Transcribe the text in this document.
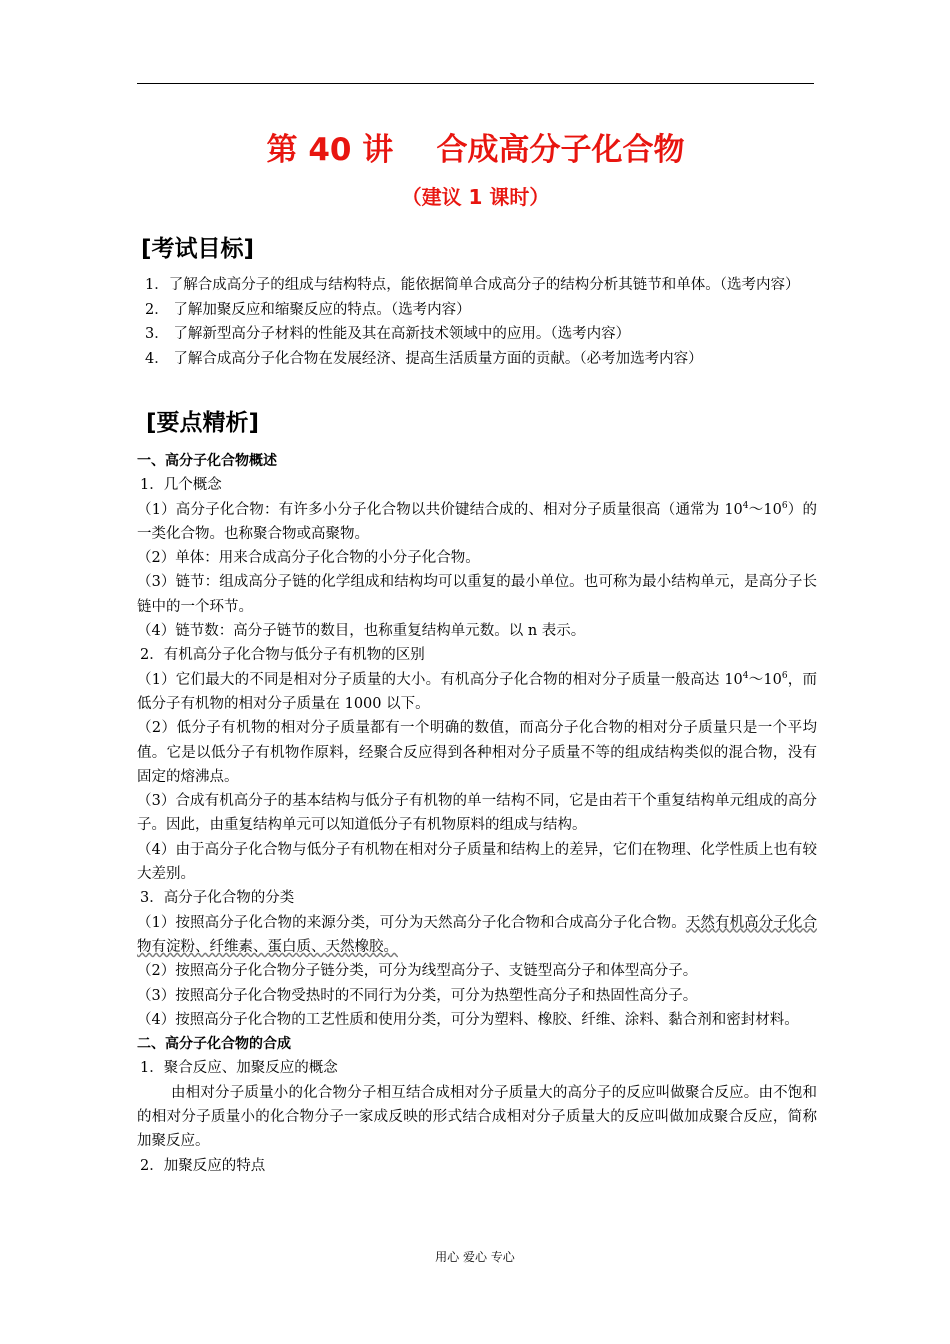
第 40 讲    合成高分子化合物
（建议 1 课时）
[考试目标]
1．了解合成高分子的组成与结构特点，能依据简单合成高分子的结构分析其链节和单体。（选考内容）
2． 了解加聚反应和缩聚反应的特点。（选考内容）
3． 了解新型高分子材料的性能及其在高新技术领域中的应用。（选考内容）
4． 了解合成高分子化合物在发展经济、提高生活质量方面的贡献。（必考加选考内容）
[要点精析]

一、高分子化合物概述

1．几个概念

（1）高分子化合物：有许多小分子化合物以共价键结合成的、相对分子质量很高（通常为 $10^4\sim 10^6$）的一类化合物。也称聚合物或高聚物。

（2）单体：用来合成高分子化合物的小分子化合物。

（3）链节：组成高分子链的化学组成和结构均可以重复的最小单位。也可称为最小结构单元，是高分子长链中的一个环节。

（4）链节数：高分子链节的数目，也称重复结构单元数。以 n 表示。

2．有机高分子化合物与低分子有机物的区别

（1）它们最大的不同是相对分子质量的大小。有机高分子化合物的相对分子质量一般高达 $10^4\sim 10^6$，而低分子有机物的相对分子质量在 1000 以下。

（2）低分子有机物的相对分子质量都有一个明确的数值，而高分子化合物的相对分子质量只是一个平均值。它是以低分子有机物作原料，经聚合反应得到各种相对分子质量不等的组成结构类似的混合物，没有固定的熔沸点。

（3）合成有机高分子的基本结构与低分子有机物的单一结构不同，它是由若干个重复结构单元组成的高分子。因此，由重复结构单元可以知道低分子有机物原料的组成与结构。

（4）由于高分子化合物与低分子有机物在相对分子质量和结构上的差异，它们在物理、化学性质上也有较大差别。

3．高分子化合物的分类

（1）按照高分子化合物的来源分类，可分为天然高分子化合物和合成高分子化合物。天然有机高分子化合物有淀粉、纤维素、蛋白质、天然橡胶。

（2）按照高分子化合物分子链分类，可分为线型高分子、支链型高分子和体型高分子。

（3）按照高分子化合物受热时的不同行为分类，可分为热塑性高分子和热固性高分子。

（4）按照高分子化合物的工艺性质和使用分类，可分为塑料、橡胶、纤维、涂料、黏合剂和密封材料。

二、高分子化合物的合成

1．聚合反应、加聚反应的概念

由相对分子质量小的化合物分子相互结合成相对分子质量大的高分子的反应叫做聚合反应。由不饱和的相对分子质量小的化合物分子一家成反映的形式结合成相对分子质量大的反应叫做加成聚合反应，简称加聚反应。

2．加聚反应的特点

用心 爱心 专心
